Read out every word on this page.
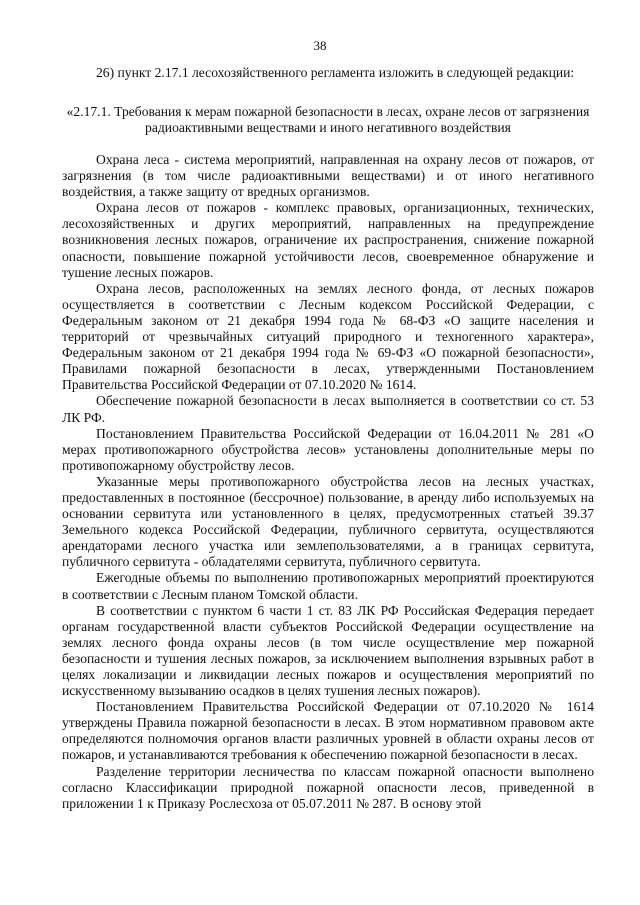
38

26) пункт 2.17.1 лесохозяйственного регламента изложить в следующей редакции:

«2.17.1. Требования к мерам пожарной безопасности в лесах, охране лесов от загрязнения радиоактивными веществами и иного негативного воздействия

Охрана леса - система мероприятий, направленная на охрану лесов от пожаров, от загрязнения (в том числе радиоактивными веществами) и от иного негативного воздействия, а также защиту от вредных организмов.

Охрана лесов от пожаров - комплекс правовых, организационных, технических, лесохозяйственных и других мероприятий, направленных на предупреждение возникновения лесных пожаров, ограничение их распространения, снижение пожарной опасности, повышение пожарной устойчивости лесов, своевременное обнаружение и тушение лесных пожаров.

Охрана лесов, расположенных на землях лесного фонда, от лесных пожаров осуществляется в соответствии с Лесным кодексом Российской Федерации, с Федеральным законом от 21 декабря 1994 года № 68-ФЗ «О защите населения и территорий от чрезвычайных ситуаций природного и техногенного характера», Федеральным законом от 21 декабря 1994 года № 69-ФЗ «О пожарной безопасности», Правилами пожарной безопасности в лесах, утвержденными Постановлением Правительства Российской Федерации от 07.10.2020 № 1614.

Обеспечение пожарной безопасности в лесах выполняется в соответствии со ст. 53 ЛК РФ.

Постановлением Правительства Российской Федерации от 16.04.2011 № 281 «О мерах противопожарного обустройства лесов» установлены дополнительные меры по противопожарному обустройству лесов.

Указанные меры противопожарного обустройства лесов на лесных участках, предоставленных в постоянное (бессрочное) пользование, в аренду либо используемых на основании сервитута или установленного в целях, предусмотренных статьей 39.37 Земельного кодекса Российской Федерации, публичного сервитута, осуществляются арендаторами лесного участка или землепользователями, а в границах сервитута, публичного сервитута - обладателями сервитута, публичного сервитута.

Ежегодные объемы по выполнению противопожарных мероприятий проектируются в соответствии с Лесным планом Томской области.

В соответствии с пунктом 6 части 1 ст. 83 ЛК РФ Российская Федерация передает органам государственной власти субъектов Российской Федерации осуществление на землях лесного фонда охраны лесов (в том числе осуществление мер пожарной безопасности и тушения лесных пожаров, за исключением выполнения взрывных работ в целях локализации и ликвидации лесных пожаров и осуществления мероприятий по искусственному вызыванию осадков в целях тушения лесных пожаров).

Постановлением Правительства Российской Федерации от 07.10.2020 № 1614 утверждены Правила пожарной безопасности в лесах. В этом нормативном правовом акте определяются полномочия органов власти различных уровней в области охраны лесов от пожаров, и устанавливаются требования к обеспечению пожарной безопасности в лесах.

Разделение территории лесничества по классам пожарной опасности выполнено согласно Классификации природной пожарной опасности лесов, приведенной в приложении 1 к Приказу Рослесхоза от 05.07.2011 № 287. В основу этой
